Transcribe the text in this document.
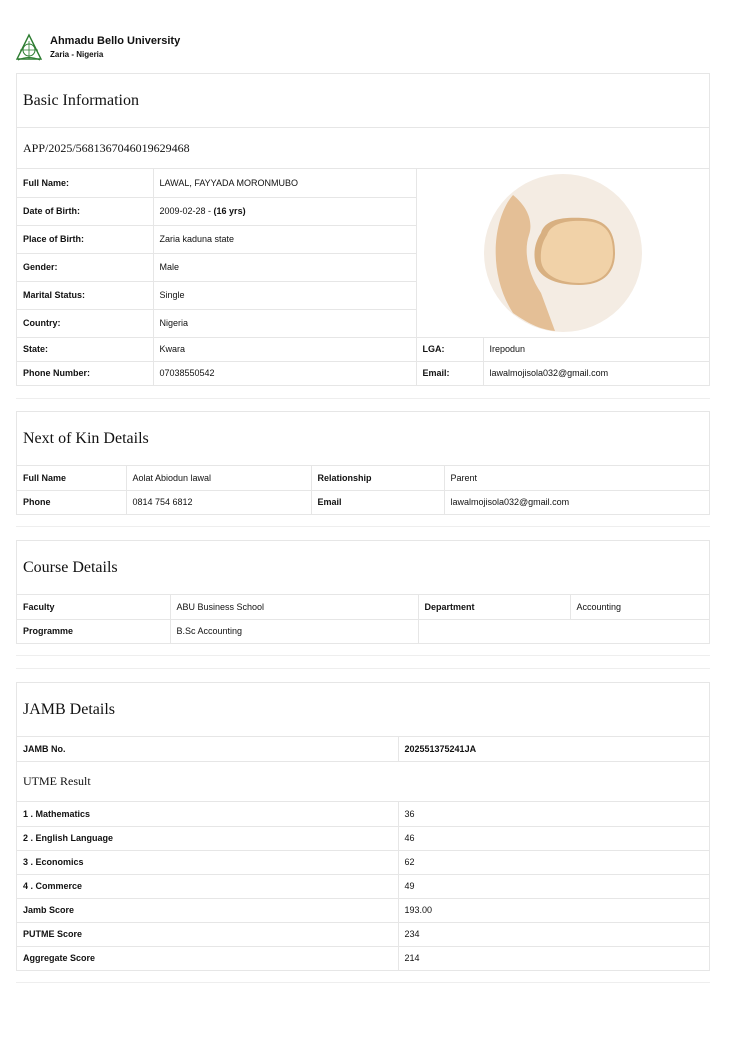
Ahmadu Bello University
Zaria - Nigeria
Basic Information
APP/2025/5681367046019629468
Full Name:	LAWAL, FAYYADA MORONMUBO	

Date of Birth:	2009-02-28 - (16 yrs)		
Place of Birth:	Zaria kaduna state		
Gender:	Male		
Marital Status:	Single		
Country:	Nigeria		
State:	Kwara	LGA:	Irepodun
Phone Number:	07038550542	Email:	lawalmojisola032@gmail.com
Next of Kin Details
Full Name	Aolat Abiodun lawal	Relationship	Parent
Phone	0814 754 6812	Email	lawalmojisola032@gmail.com
Course Details
Faculty	ABU Business School	Department	Accounting
Programme	B.Sc Accounting		
JAMB Details
JAMB No.	202551375241JA
UTME Result
1 . Mathematics	36
2 . English Language	46
3 . Economics	62
4 . Commerce	49
Jamb Score	193.00
PUTME Score	234
Aggregate Score	214
